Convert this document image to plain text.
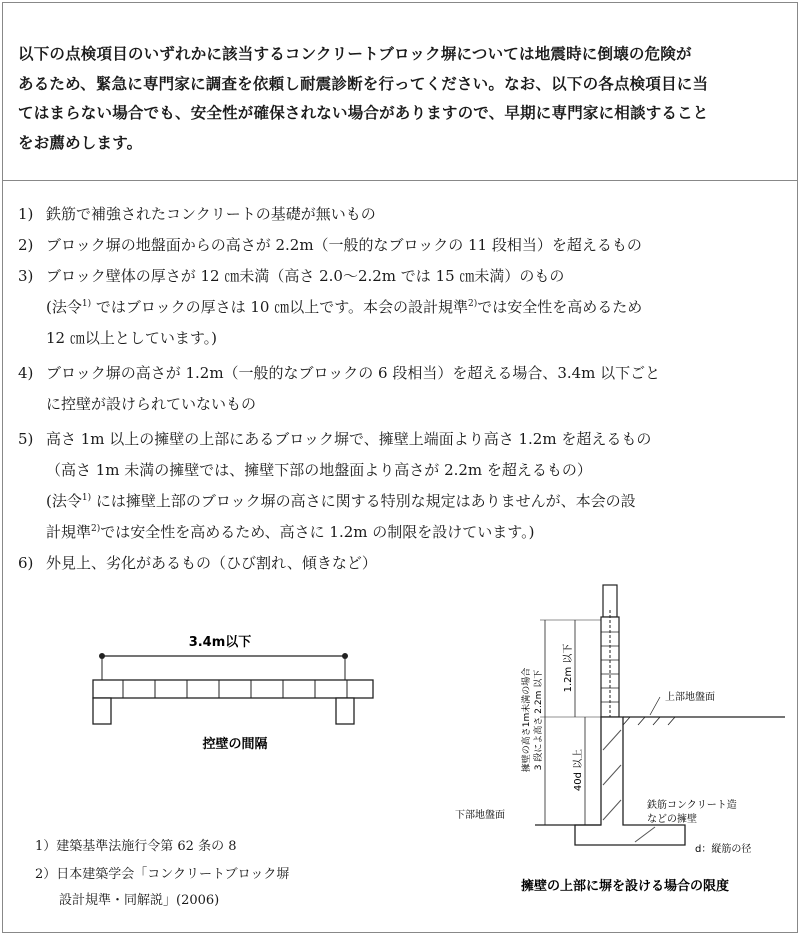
以下の点検項目のいずれかに該当するコンクリートブロック塀については地震時に倒壊の危険が
あるため、緊急に専門家に調査を依頼し耐震診断を行ってください。なお、以下の各点検項目に当
てはまらない場合でも、安全性が確保されない場合がありますので、早期に専門家に相談すること
をお薦めします。
1) 鉄筋で補強されたコンクリートの基礎が無いもの
2) ブロック塀の地盤面からの高さが 2.2m（一般的なブロックの 11 段相当）を超えるもの
3) ブロック壁体の厚さが 12 ㎝未満（高さ 2.0〜2.2m では 15 ㎝未満）のもの
(法令$^{1)}$ ではブロックの厚さは 10 ㎝以上です。本会の設計規準$^{2)}$では安全性を高めるため
12 ㎝以上としています。)
4) ブロック塀の高さが 1.2m（一般的なブロックの 6 段相当）を超える場合、3.4m 以下ごと
に控壁が設けられていないもの
5) 高さ 1m 以上の擁壁の上部にあるブロック塀で、擁壁上端面より高さ 1.2m を超えるもの
（高さ 1m 未満の擁壁では、擁壁下部の地盤面より高さが 2.2m を超えるもの）
(法令$^{1)}$ には擁壁上部のブロック塀の高さに関する特別な規定はありませんが、本会の設
計規準$^{2)}$では安全性を高めるため、高さに 1.2m の制限を設けています。)
6) 外見上、劣化があるもの（ひび割れ、傾きなど）
3.4m以下
控壁の間隔
1.2m 以下
40d 以上
擁壁の高さ1m未満の場合 3 段によ高さ 2.2m 以下	上部地盤面
下部地盤面
鉄筋コンクリート造
などの擁壁
d：縦筋の径
擁壁の上部に塀を設ける場合の限度
1）建築基準法施行令第 62 条の 8
2）日本建築学会「コンクリートブロック塀
設計規準・同解説」(2006)
